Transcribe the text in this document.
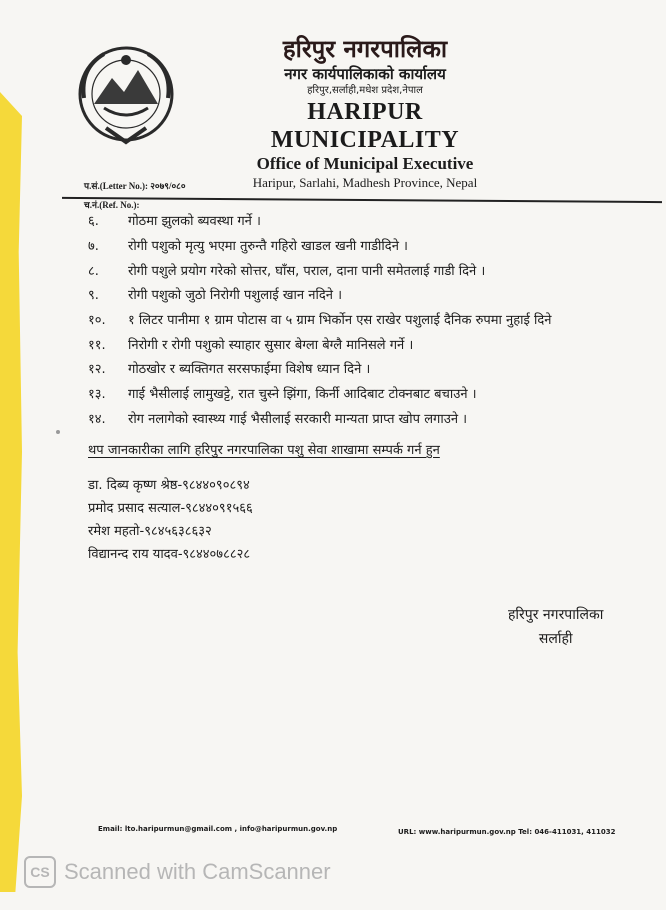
हरिपुर नगरपालिका
नगर कार्यपालिकाको कार्यालय
हरिपुर,सर्लाही,मधेश प्रदेश,नेपाल
HARIPUR MUNICIPALITY
Office of Municipal Executive
Haripur, Sarlahi, Madhesh Province, Nepal
प.सं.(Letter No.): २०७९/०८०
च.नं.(Ref. No.):
६.	गोठमा झुलको ब्यवस्था गर्ने ।
७.	रोगी पशुको मृत्यु भएमा तुरुन्तै गहिरो खाडल खनी गाडीदिने ।
८.	रोगी पशुले प्रयोग गरेको सोत्तर, घाँस, पराल, दाना पानी समेतलाई गाडी दिने ।
९.	रोगी पशुको जुठो निरोगी पशुलाई खान नदिने ।
१०.	१ लिटर पानीमा १ ग्राम पोटास वा ५ ग्राम भिर्कोन एस राखेर पशुलाई दैनिक रुपमा नुहाई दिने
११.	निरोगी र रोगी पशुको स्याहार सुसार बेग्ला बेग्लै मानिसले गर्ने ।
१२.	गोठखोर र ब्यक्तिगत सरसफाईमा विशेष ध्यान दिने ।
१३.	गाई भैसीलाई लामुखट्टे, रात चुस्ने झिंगा, किर्नी आदिबाट टोक्नबाट बचाउने ।
१४.	रोग नलागेको स्वास्थ्य गाई भैसीलाई सरकारी मान्यता प्राप्त खोप लगाउने ।
थप जानकारीका लागि हरिपुर नगरपालिका पशु सेवा शाखामा सम्पर्क गर्न हुन
डा. दिब्य कृष्ण श्रेष्ठ-९८४४०९०८९४
प्रमोद प्रसाद सत्याल-९८४४०९१५६६
रमेश महतो-९८४५६३८६३२
विद्यानन्द राय यादव-९८४४०७८८२८
हरिपुर नगरपालिका
सर्लाही
Email: lto.haripurmun@gmail.com , info@haripurmun.gov.np	URL: www.haripurmun.gov.np Tel: 046-411031, 411032
CS Scanned with CamScanner
